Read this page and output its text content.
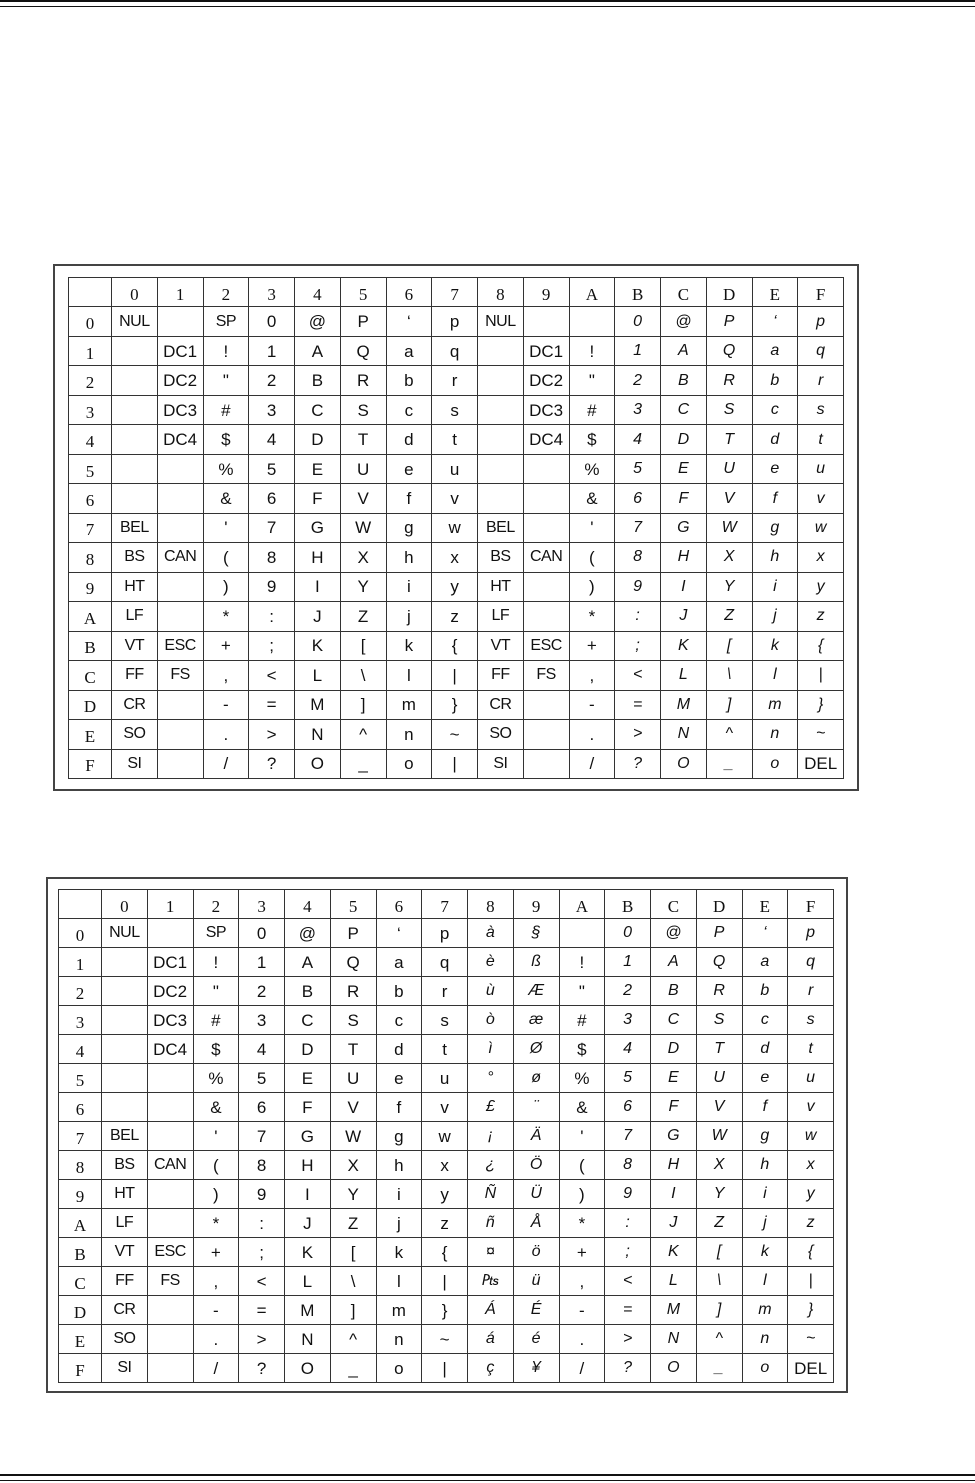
	0	1	2	3	4	5	6	7	8	9	A	B	C	D	E	F
0	NUL		SP	0	@	P	‘	p	NUL			0	@	P	‘	p
1		DC1	!	1	A	Q	a	q		DC1	!	1	A	Q	a	q
2		DC2	"	2	B	R	b	r		DC2	"	2	B	R	b	r
3		DC3	#	3	C	S	c	s		DC3	#	3	C	S	c	s
4		DC4	$	4	D	T	d	t		DC4	$	4	D	T	d	t
5			%	5	E	U	e	u			%	5	E	U	e	u
6			&	6	F	V	f	v			&	6	F	V	f	v
7	BEL		'	7	G	W	g	w	BEL		'	7	G	W	g	w
8	BS	CAN	(	8	H	X	h	x	BS	CAN	(	8	H	X	h	x
9	HT		)	9	I	Y	i	y	HT		)	9	I	Y	i	y
A	LF		*	:	J	Z	j	z	LF		*	:	J	Z	j	z
B	VT	ESC	+	;	K	[	k	{	VT	ESC	+	;	K	[	k	{
C	FF	FS	,	<	L	\	l	|	FF	FS	,	<	L	\	l	|
D	CR		-	=	M	]	m	}	CR		-	=	M	]	m	}
E	SO		.	>	N	^	n	~	SO		.	>	N	^	n	~
F	SI		/	?	O	_	o	|	SI		/	?	O	_	o	DEL
	0	1	2	3	4	5	6	7	8	9	A	B	C	D	E	F
0	NUL		SP	0	@	P	‘	p	à	§		0	@	P	‘	p
1		DC1	!	1	A	Q	a	q	è	ß	!	1	A	Q	a	q
2		DC2	"	2	B	R	b	r	ù	Æ	"	2	B	R	b	r
3		DC3	#	3	C	S	c	s	ò	æ	#	3	C	S	c	s
4		DC4	$	4	D	T	d	t	ì	Ø	$	4	D	T	d	t
5			%	5	E	U	e	u	°	ø	%	5	E	U	e	u
6			&	6	F	V	f	v	£	¨	&	6	F	V	f	v
7	BEL		'	7	G	W	g	w	¡	Ä	'	7	G	W	g	w
8	BS	CAN	(	8	H	X	h	x	¿	Ö	(	8	H	X	h	x
9	HT		)	9	I	Y	i	y	Ñ	Ü	)	9	I	Y	i	y
A	LF		*	:	J	Z	j	z	ñ	Å	*	:	J	Z	j	z
B	VT	ESC	+	;	K	[	k	{	¤	ö	+	;	K	[	k	{
C	FF	FS	,	<	L	\	l	|	₧	ü	,	<	L	\	l	|
D	CR		-	=	M	]	m	}	Á	É	-	=	M	]	m	}
E	SO		.	>	N	^	n	~	á	é	.	>	N	^	n	~
F	SI		/	?	O	_	o	|	ç	¥	/	?	O	_	o	DEL
